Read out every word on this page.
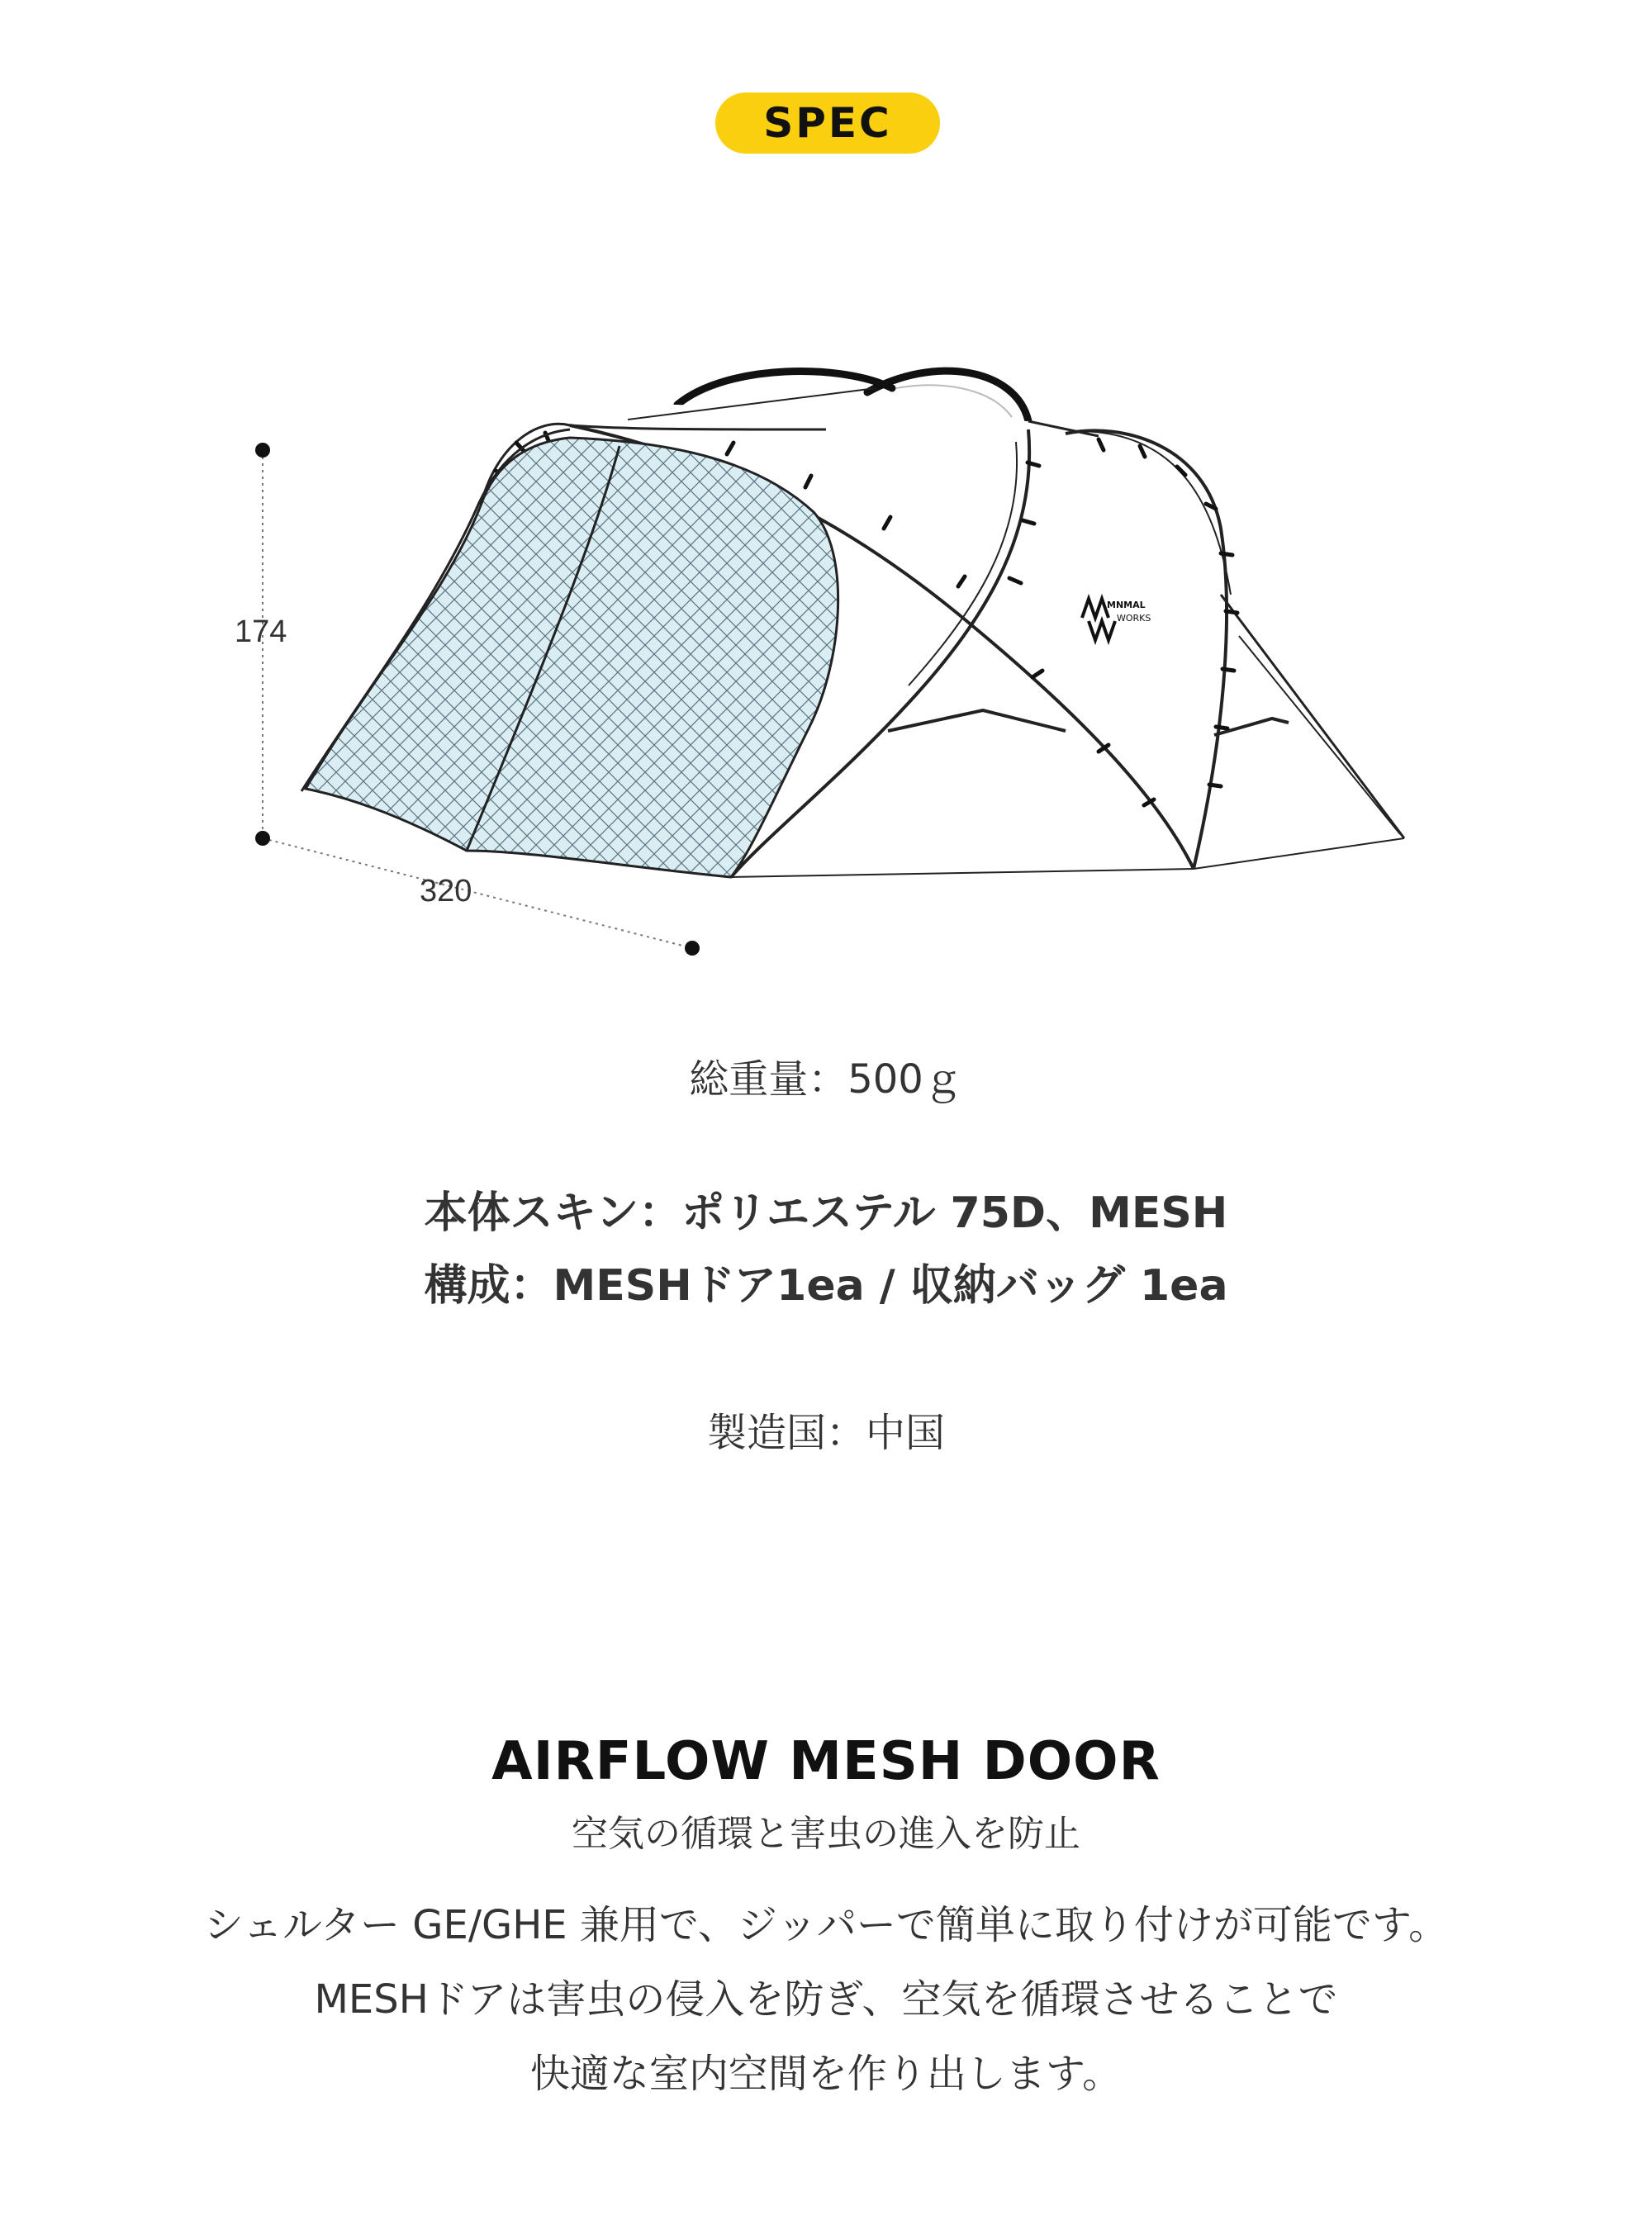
SPEC
MNMAL
WORKS
174
320
総重量：500ｇ
本体スキン：ポリエステル 75D、MESH
構成：MESHドア1ea / 収納バッグ 1ea
製造国：中国
AIRFLOW MESH DOOR
空気の循環と害虫の進入を防止
シェルター GE/GHE 兼用で、ジッパーで簡単に取り付けが可能です。
MESHドアは害虫の侵入を防ぎ、空気を循環させることで
快適な室内空間を作り出します。
